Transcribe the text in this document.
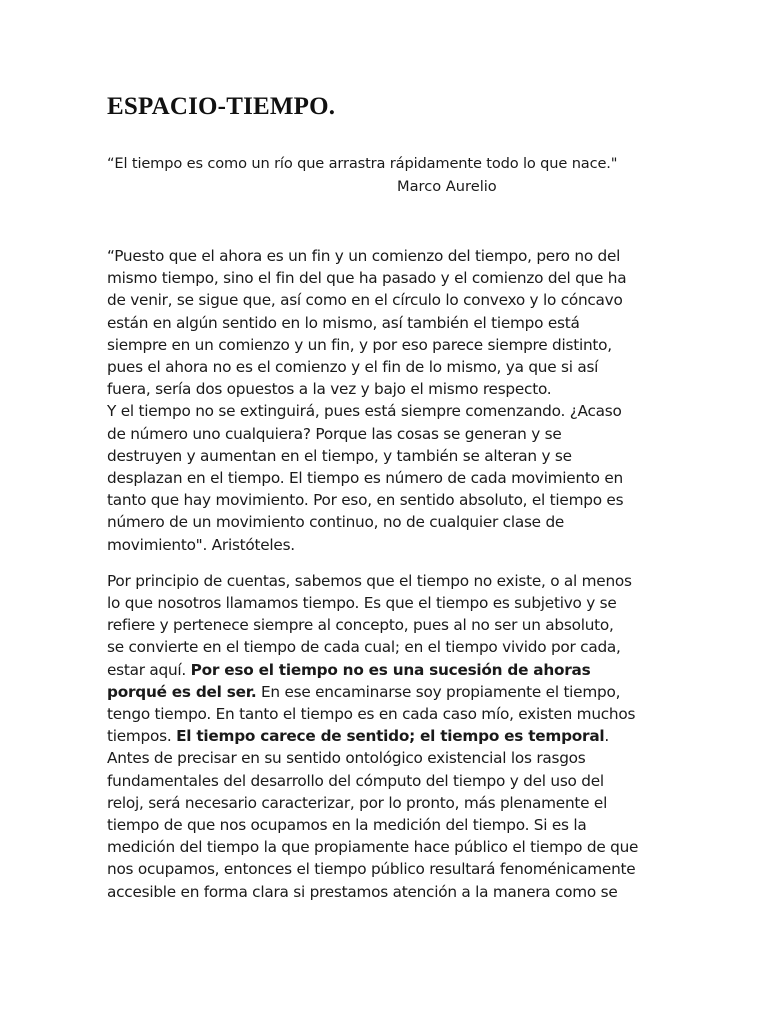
ESPACIO-TIEMPO.
“El tiempo es como un río que arrastra rápidamente todo lo que nace."
Marco Aurelio
“Puesto que el ahora es un fin y un comienzo del tiempo, pero no del
mismo tiempo, sino el fin del que ha pasado y el comienzo del que ha
de venir, se sigue que, así como en el círculo lo convexo y lo cóncavo
están en algún sentido en lo mismo, así también el tiempo está
siempre en un comienzo y un fin, y por eso parece siempre distinto,
pues el ahora no es el comienzo y el fin de lo mismo, ya que si así
fuera, sería dos opuestos a la vez y bajo el mismo respecto.
Y el tiempo no se extinguirá, pues está siempre comenzando. ¿Acaso
de número uno cualquiera? Porque las cosas se generan y se
destruyen y aumentan en el tiempo, y también se alteran y se
desplazan en el tiempo. El tiempo es número de cada movimiento en
tanto que hay movimiento. Por eso, en sentido absoluto, el tiempo es
número de un movimiento continuo, no de cualquier clase de
movimiento". Aristóteles.
Por principio de cuentas, sabemos que el tiempo no existe, o al menos
lo que nosotros llamamos tiempo. Es que el tiempo es subjetivo y se
refiere y pertenece siempre al concepto, pues al no ser un absoluto,
se convierte en el tiempo de cada cual; en el tiempo vivido por cada,
estar aquí. Por eso el tiempo no es una sucesión de ahoras
porqué es del ser. En ese encaminarse soy propiamente el tiempo,
tengo tiempo. En tanto el tiempo es en cada caso mío, existen muchos
tiempos. El tiempo carece de sentido; el tiempo es temporal.
Antes de precisar en su sentido ontológico existencial los rasgos
fundamentales del desarrollo del cómputo del tiempo y del uso del
reloj, será necesario caracterizar, por lo pronto, más plenamente el
tiempo de que nos ocupamos en la medición del tiempo. Si es la
medición del tiempo la que propiamente hace público el tiempo de que
nos ocupamos, entonces el tiempo público resultará fenoménicamente
accesible en forma clara si prestamos atención a la manera como se
